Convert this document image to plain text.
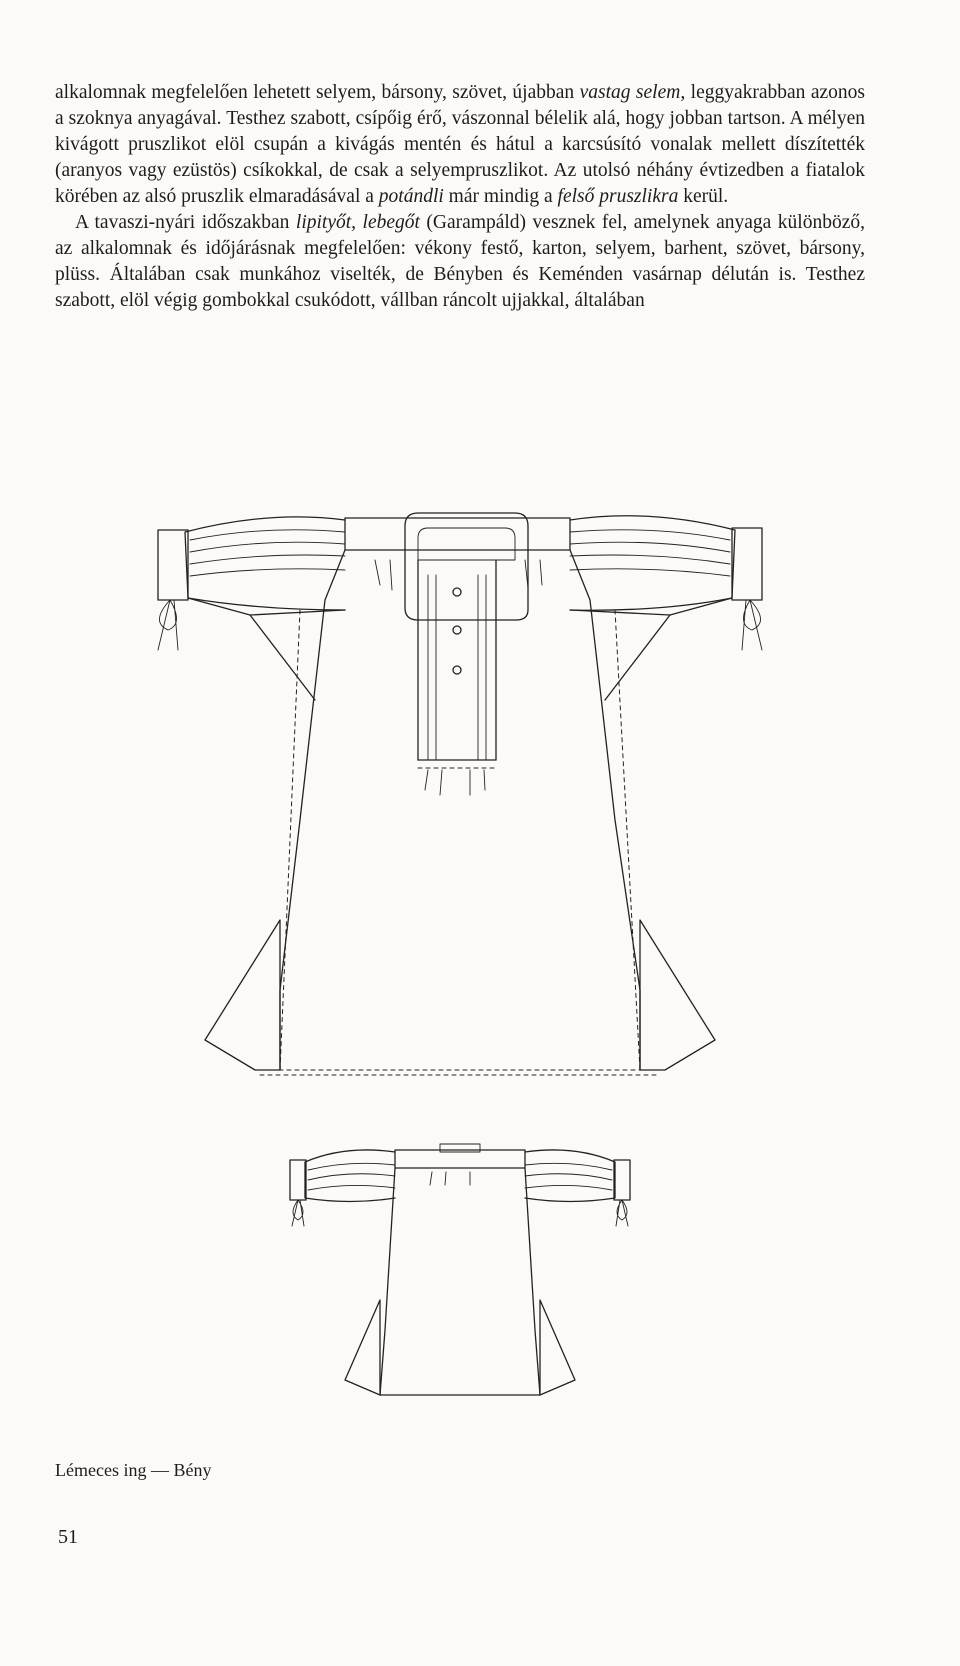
alkalomnak megfelelően lehetett selyem, bársony, szövet, újabban vastag selem, leggyakrabban azonos a szoknya anyagával. Testhez szabott, csípőig érő, vászonnal bélelik alá, hogy jobban tartson. A mélyen kivágott pruszlikot elöl csupán a kivágás mentén és hátul a karcsúsító vonalak mellett díszítették (aranyos vagy ezüstös) csíkokkal, de csak a selyempruszlikot. Az utolsó néhány évtizedben a fiatalok körében az alsó pruszlik elmaradásával a potándli már mindig a felső pruszlikra kerül.

A tavaszi-nyári időszakban lipityőt, lebegőt (Garampáld) vesznek fel, amelynek anyaga különböző, az alkalomnak és időjárásnak megfelelően: vékony festő, karton, selyem, barhent, szövet, bársony, plüss. Általában csak munkához viselték, de Bényben és Keménden vasárnap délután is. Testhez szabott, elöl végig gombokkal csukódott, vállban ráncolt ujjakkal, általában

Lémeces ing — Bény
51
